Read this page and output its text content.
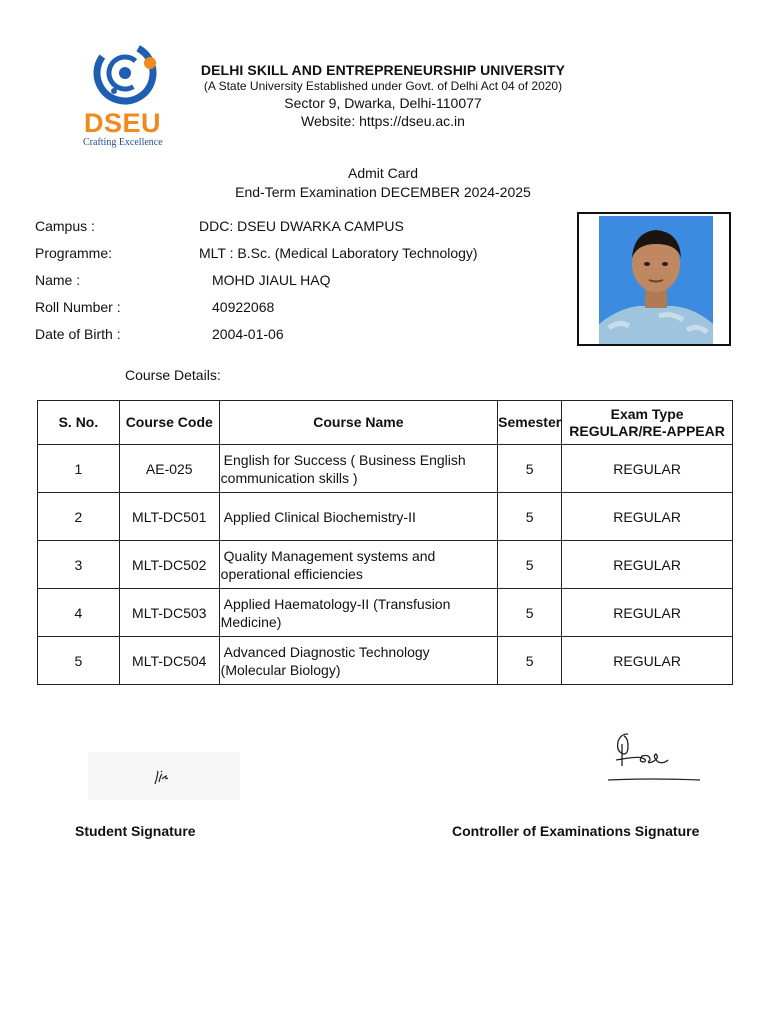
DSEU
Crafting Excellence
DELHI SKILL AND ENTREPRENEURSHIP UNIVERSITY
(A State University Established under Govt. of Delhi Act 04 of 2020)
Sector 9, Dwarka, Delhi-110077
Website: https://dseu.ac.in
Admit Card
End-Term Examination DECEMBER 2024-2025
Campus :	DDC: DSEU DWARKA CAMPUS
Programme:	MLT : B.Sc. (Medical Laboratory Technology)
Name :	MOHD JIAUL HAQ
Roll Number :	40922068
Date of Birth :	2004-01-06
Course Details:
S. No.	Course Code	Course Name	Semester	Exam Type
REGULAR/RE-APPEAR

1	AE-025	English for Success ( Business English
communication skills )	5	REGULAR
2	MLT-DC501	Applied Clinical Biochemistry-II	5	REGULAR
3	MLT-DC502	Quality Management systems and
operational efficiencies	5	REGULAR
4	MLT-DC503	Applied Haematology-II (Transfusion
Medicine)	5	REGULAR
5	MLT-DC504	Advanced Diagnostic Technology
(Molecular Biology)	5	REGULAR
Student Signature	Controller of Examinations Signature
